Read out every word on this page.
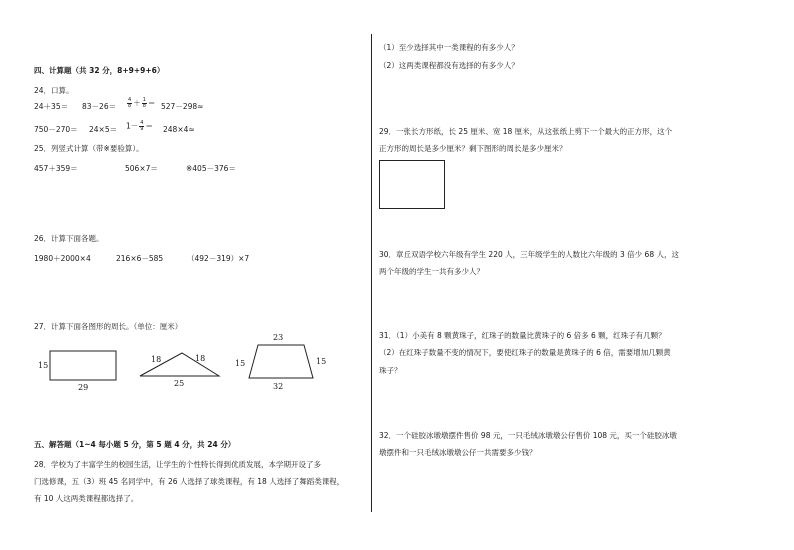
四、计算题（共 32 分，8+9+9+6）
24．口算。
$24+35= 83-26= \frac{4}{8} + \frac{1}{8} = 527-298\approx$
$750-270= 24\times 5= 1- \frac{4}{9} = 248\times 4\approx$
25．列竖式计算（带※要验算）。
457＋359＝	506×7＝	※405－376＝
26．计算下面各题。
1980＋2000×4	216×6－585	（492－319）×7
27．计算下面各图形的周长。（单位：厘米）
15
29
18	18
25
23
15	15
32
五、解答题（1~4 每小题 5 分，第 5 题 4 分，共 24 分）
28．学校为了丰富学生的校园生活，让学生的个性特长得到优质发展，本学期开设了多
门选修课，五（3）班 45 名同学中，有 26 人选择了球类课程，有 18 人选择了舞蹈类课程，
有 10 人这两类课程都选择了。
（1）至少选择其中一类课程的有多少人？
（2）这两类课程都没有选择的有多少人？
29．一张长方形纸，长 25 厘米、宽 18 厘米，从这张纸上剪下一个最大的正方形，这个
正方形的周长是多少厘米？剩下图形的周长是多少厘米？
30．章丘双语学校六年级有学生 220 人，三年级学生的人数比六年级的 3 倍少 68 人，这
两个年级的学生一共有多少人？
31．（1）小美有 8 颗黄珠子，红珠子的数量比黄珠子的 6 倍多 6 颗，红珠子有几颗？
（2）在红珠子数量不变的情况下，要使红珠子的数量是黄珠子的 6 倍，需要增加几颗黄
珠子？
32．一个硅胶冰墩墩摆件售价 98 元，一只毛绒冰墩墩公仔售价 108 元，买一个硅胶冰墩
墩摆件和一只毛绒冰墩墩公仔一共需要多少钱？
